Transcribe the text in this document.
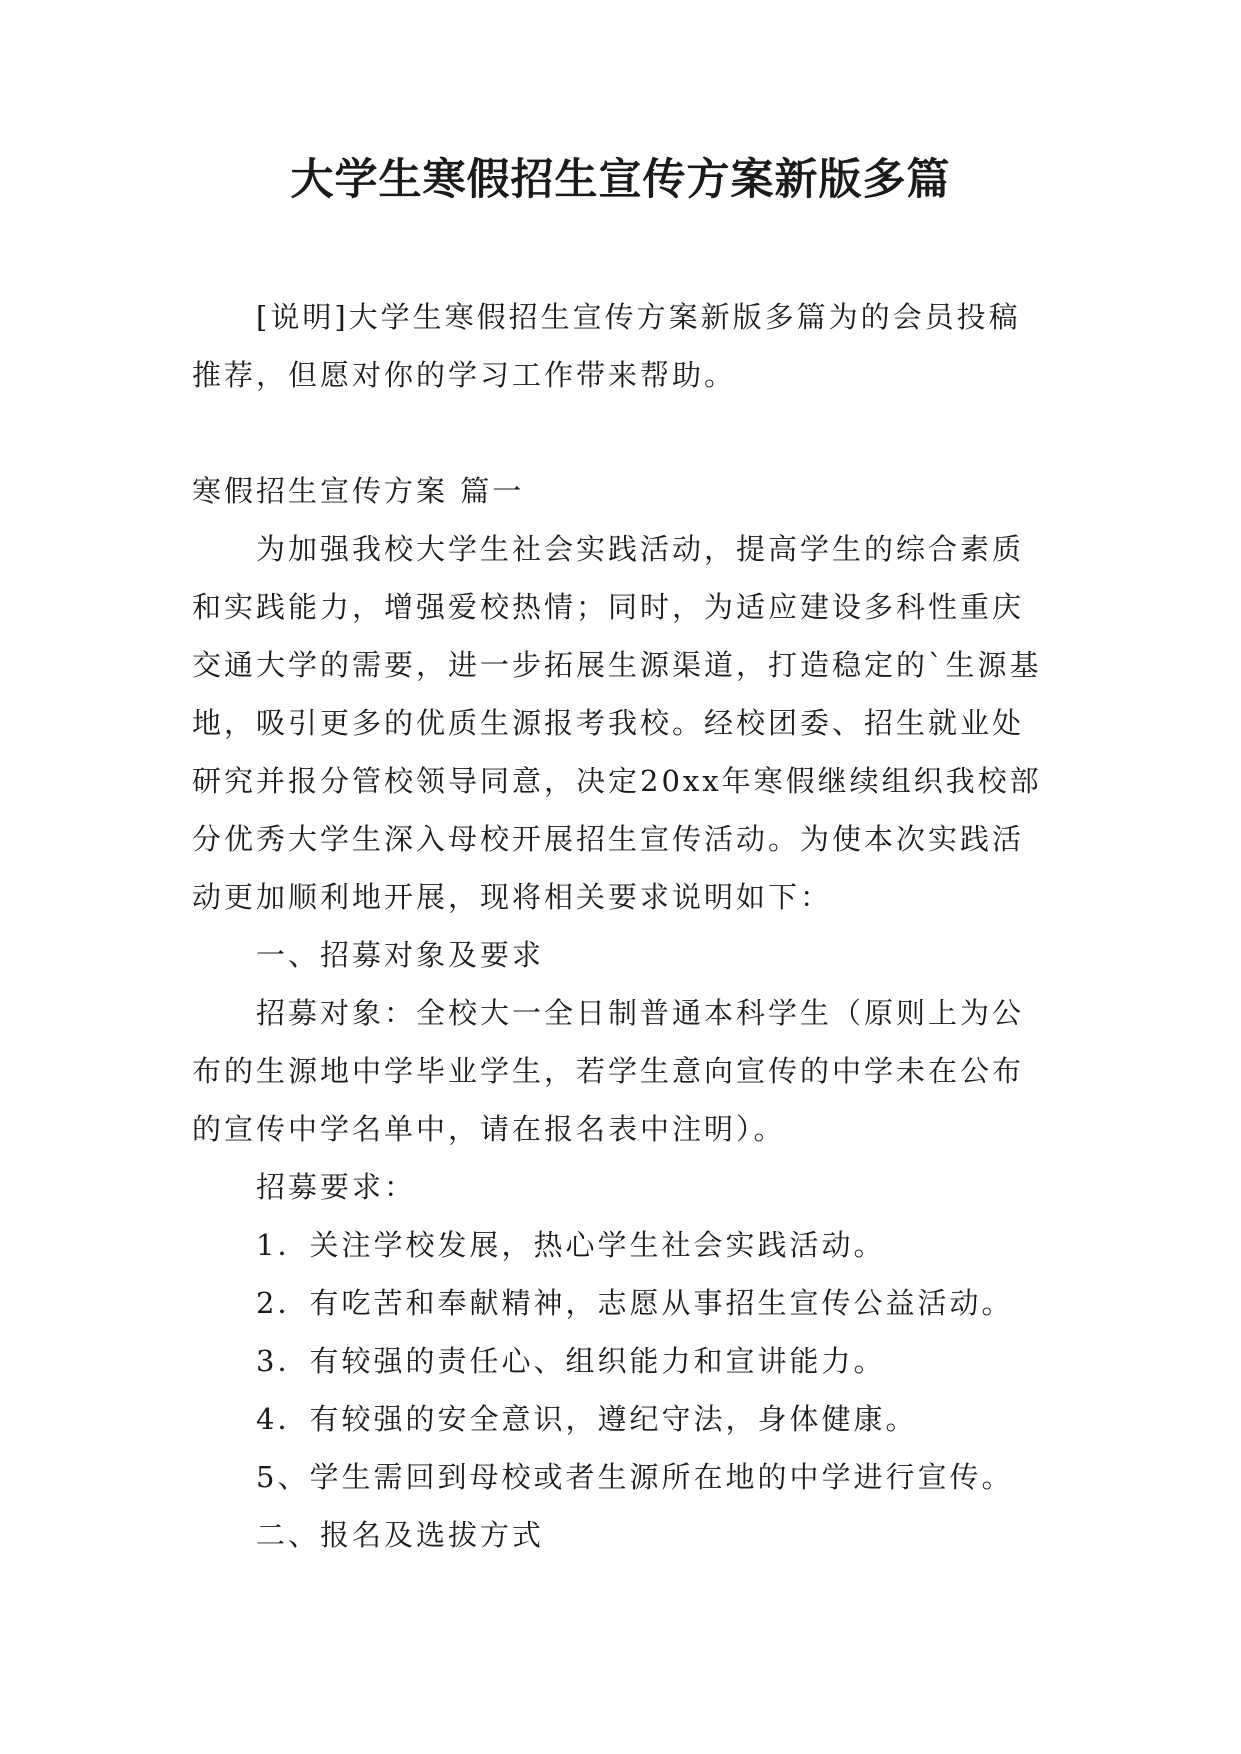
大学生寒假招生宣传方案新版多篇

[说明]大学生寒假招生宣传方案新版多篇为的会员投稿推荐，但愿对你的学习工作带来帮助。

寒假招生宣传方案 篇一

为加强我校大学生社会实践活动，提高学生的综合素质和实践能力，增强爱校热情；同时，为适应建设多科性重庆交通大学的需要，进一步拓展生源渠道，打造稳定的`生源基地，吸引更多的优质生源报考我校。经校团委、招生就业处研究并报分管校领导同意，决定20xx年寒假继续组织我校部分优秀大学生深入母校开展招生宣传活动。为使本次实践活动更加顺利地开展，现将相关要求说明如下：

一、招募对象及要求

招募对象：全校大一全日制普通本科学生（原则上为公布的生源地中学毕业学生，若学生意向宣传的中学未在公布的宣传中学名单中，请在报名表中注明）。

招募要求：

1．关注学校发展，热心学生社会实践活动。

2．有吃苦和奉献精神，志愿从事招生宣传公益活动。

3．有较强的责任心、组织能力和宣讲能力。

4．有较强的安全意识，遵纪守法，身体健康。

5、学生需回到母校或者生源所在地的中学进行宣传。

二、报名及选拔方式
